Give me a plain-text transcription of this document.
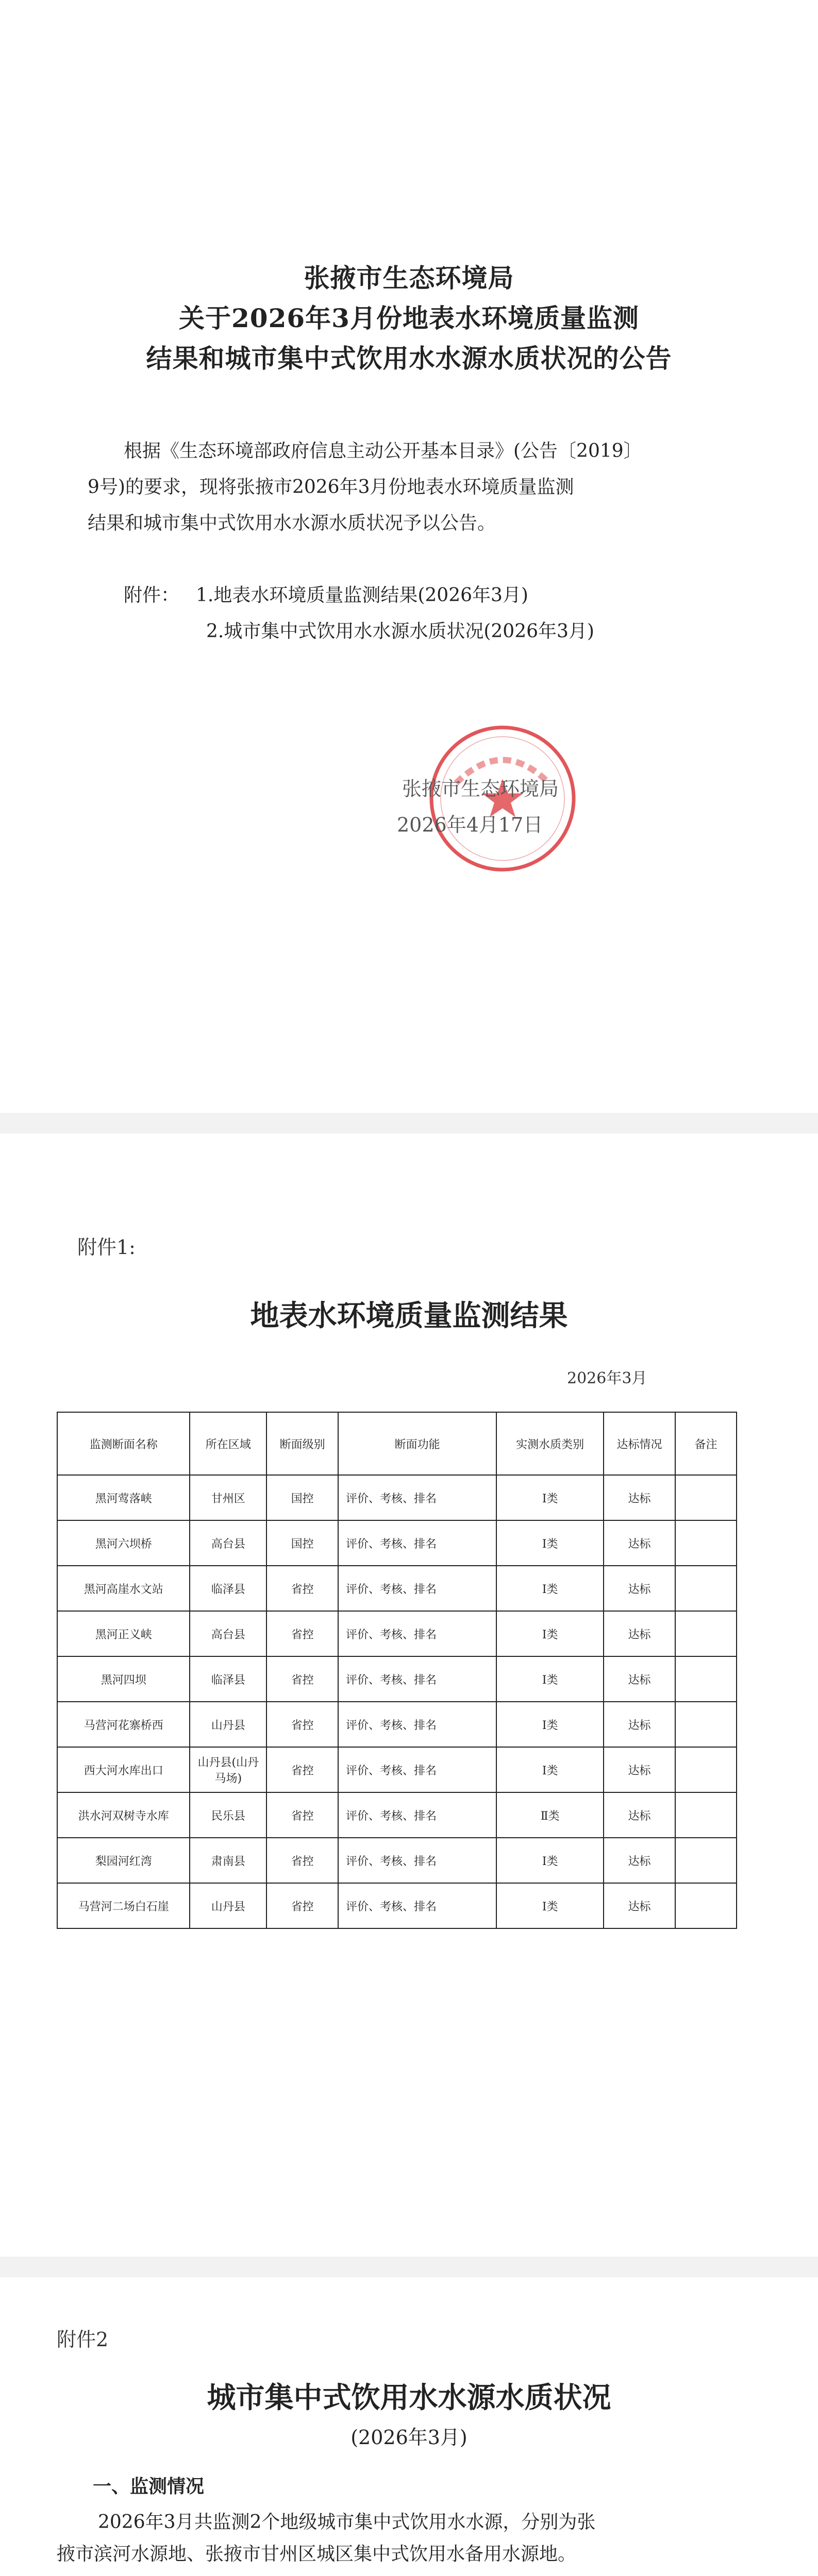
张掖市生态环境局
关于2026年3月份地表水环境质量监测
结果和城市集中式饮用水水源水质状况的公告
根据《生态环境部政府信息主动公开基本目录》(公告〔2019〕
9号)的要求，现将张掖市2026年3月份地表水环境质量监测
结果和城市集中式饮用水水源水质状况予以公告。
附件： 1.地表水环境质量监测结果(2026年3月)
2.城市集中式饮用水水源水质状况(2026年3月)
张掖市生态环境局
2026年4月17日
附件1:
地表水环境质量监测结果
2026年3月
监测断面名称	所在区域	断面级别	断面功能	实测水质类别	达标情况	备注
黑河莺落峡	甘州区	国控	评价、考核、排名	Ⅰ类	达标	
黑河六坝桥	高台县	国控	评价、考核、排名	Ⅰ类	达标	
黑河高崖水文站	临泽县	省控	评价、考核、排名	Ⅰ类	达标	
黑河正义峡	高台县	省控	评价、考核、排名	Ⅰ类	达标	
黑河四坝	临泽县	省控	评价、考核、排名	Ⅰ类	达标	
马营河花寨桥西	山丹县	省控	评价、考核、排名	Ⅰ类	达标	
西大河水库出口	山丹县(山丹马场)	省控	评价、考核、排名	Ⅰ类	达标	
洪水河双树寺水库	民乐县	省控	评价、考核、排名	Ⅱ类	达标	
梨园河红湾	肃南县	省控	评价、考核、排名	Ⅰ类	达标	
马营河二场白石崖	山丹县	省控	评价、考核、排名	Ⅰ类	达标	
附件2
城市集中式饮用水水源水质状况
(2026年3月)
一、监测情况
2026年3月共监测2个地级城市集中式饮用水水源，分别为张
掖市滨河水源地、张掖市甘州区城区集中式饮用水备用水源地。
